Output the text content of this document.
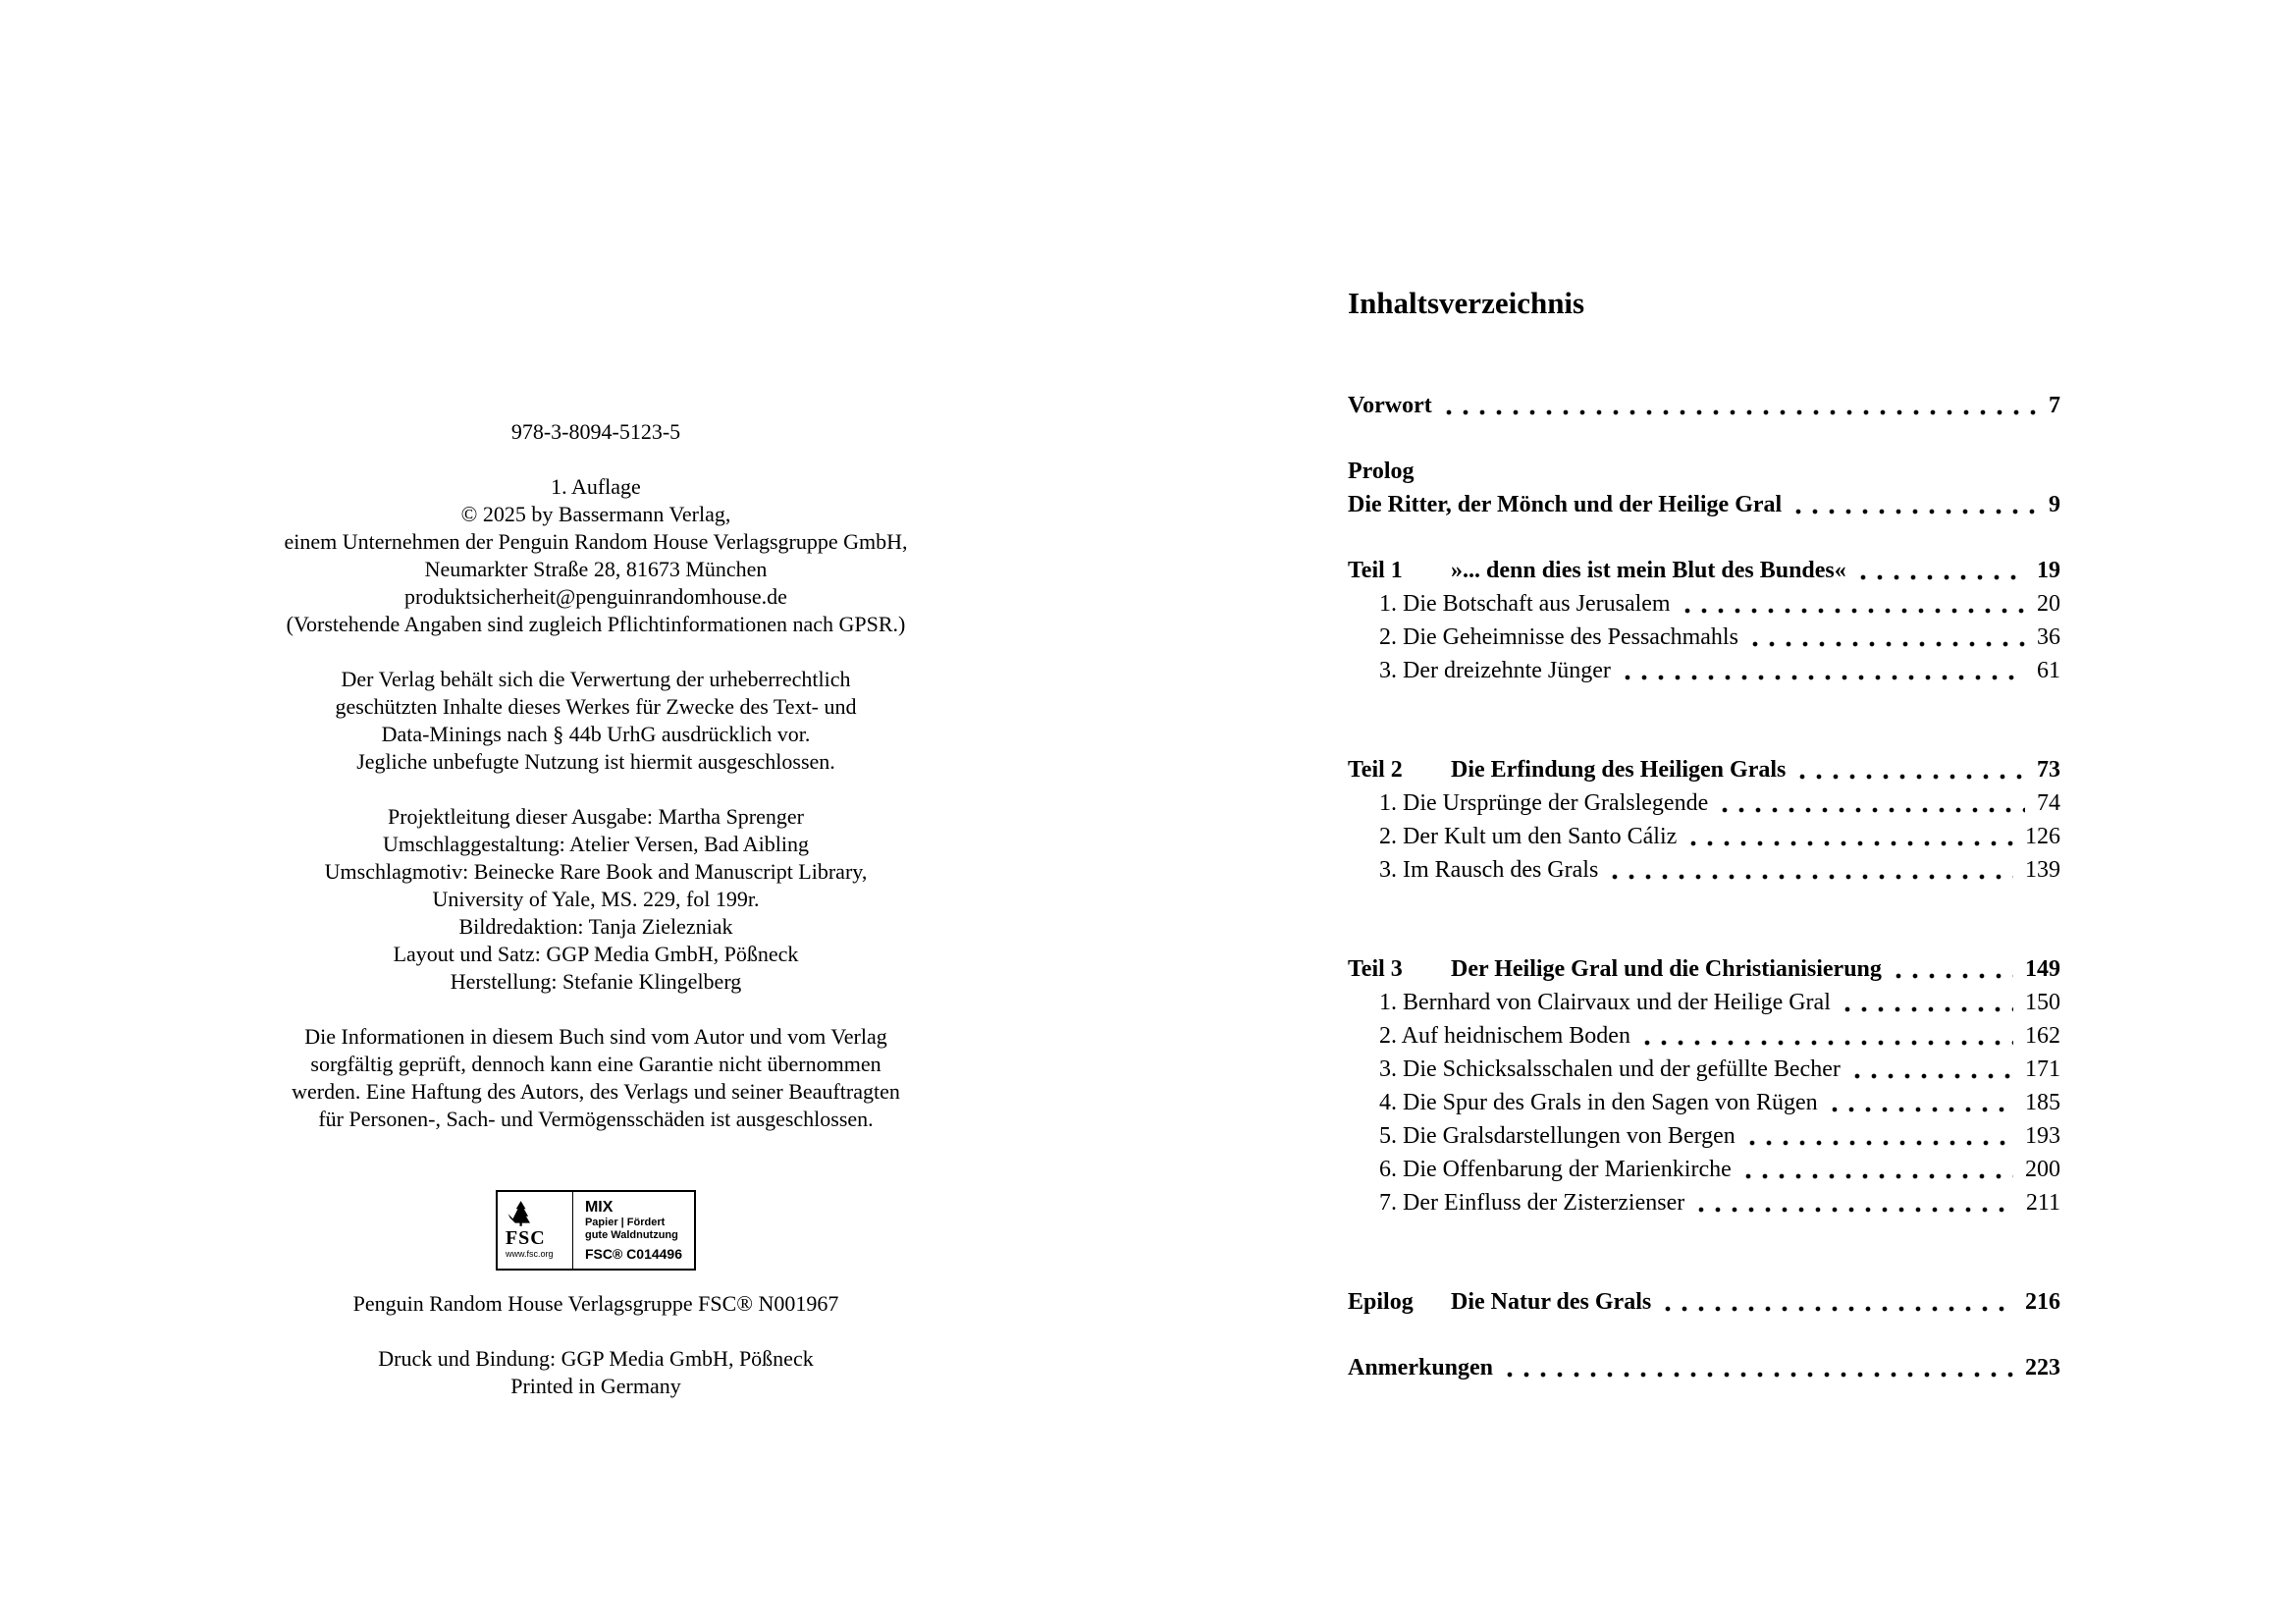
978-3-8094-5123-5
1. Auflage
© 2025 by Bassermann Verlag,
einem Unternehmen der Penguin Random House Verlagsgruppe GmbH,
Neumarkter Straße 28, 81673 München
produktsicherheit@penguinrandomhouse.de
(Vorstehende Angaben sind zugleich Pflichtinformationen nach GPSR.)
Der Verlag behält sich die Verwertung der urheberrechtlich
geschützten Inhalte dieses Werkes für Zwecke des Text- und
Data-Minings nach § 44b UrhG ausdrücklich vor.
Jegliche unbefugte Nutzung ist hiermit ausgeschlossen.
Projektleitung dieser Ausgabe: Martha Sprenger
Umschlaggestaltung: Atelier Versen, Bad Aibling
Umschlagmotiv: Beinecke Rare Book and Manuscript Library,
University of Yale, MS. 229, fol 199r.
Bildredaktion: Tanja Zielezniak
Layout und Satz: GGP Media GmbH, Pößneck
Herstellung: Stefanie Klingelberg
Die Informationen in diesem Buch sind vom Autor und vom Verlag
sorgfältig geprüft, dennoch kann eine Garantie nicht übernommen
werden. Eine Haftung des Autors, des Verlags und seiner Beauftragten
für Personen-, Sach- und Vermögensschäden ist ausgeschlossen.
FSC
www.fsc.org
MIX
Papier | Fördert
gute Waldnutzung
FSC® C014496
Penguin Random House Verlagsgruppe FSC® N001967
Druck und Bindung: GGP Media GmbH, Pößneck
Printed in Germany
Inhaltsverzeichnis
Vorwort	7
Prolog
Die Ritter, der Mönch und der Heilige Gral	9
Teil 1	»... denn dies ist mein Blut des Bundes«	19
1. Die Botschaft aus Jerusalem	20
2. Die Geheimnisse des Pessachmahls	36
3. Der dreizehnte Jünger	61
Teil 2	Die Erfindung des Heiligen Grals	73
1. Die Ursprünge der Gralslegende	74
2. Der Kult um den Santo Cáliz	126
3. Im Rausch des Grals	139
Teil 3	Der Heilige Gral und die Christianisierung	149
1. Bernhard von Clairvaux und der Heilige Gral	150
2. Auf heidnischem Boden	162
3. Die Schicksalsschalen und der gefüllte Becher	171
4. Die Spur des Grals in den Sagen von Rügen	185
5. Die Gralsdarstellungen von Bergen	193
6. Die Offenbarung der Marienkirche	200
7. Der Einfluss der Zisterzienser	211
Epilog	Die Natur des Grals	216
Anmerkungen	223
